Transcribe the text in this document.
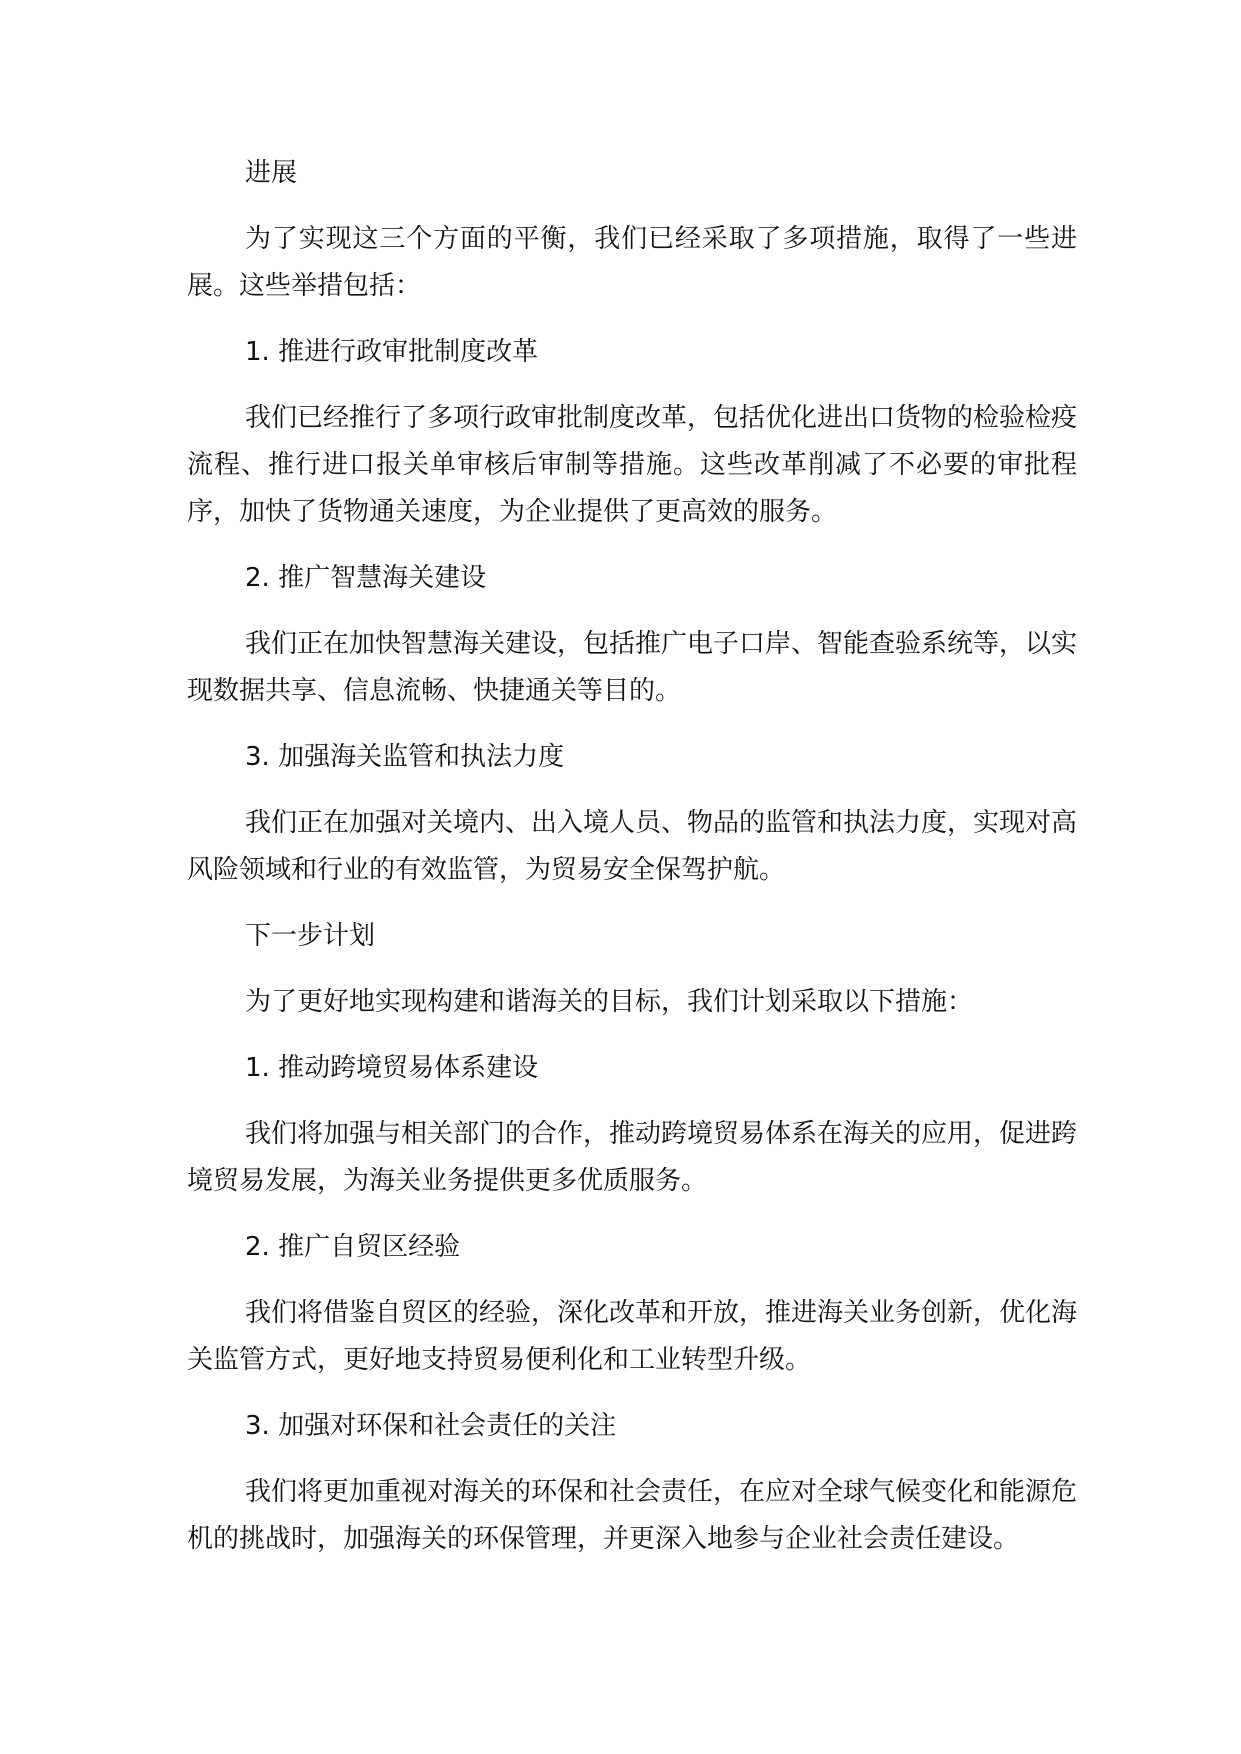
进展

为了实现这三个方面的平衡，我们已经采取了多项措施，取得了一些进展。这些举措包括：

1. 推进行政审批制度改革

我们已经推行了多项行政审批制度改革，包括优化进出口货物的检验检疫流程、推行进口报关单审核后审制等措施。这些改革削减了不必要的审批程序，加快了货物通关速度，为企业提供了更高效的服务。

2. 推广智慧海关建设

我们正在加快智慧海关建设，包括推广电子口岸、智能查验系统等，以实现数据共享、信息流畅、快捷通关等目的。

3. 加强海关监管和执法力度

我们正在加强对关境内、出入境人员、物品的监管和执法力度，实现对高风险领域和行业的有效监管，为贸易安全保驾护航。

下一步计划

为了更好地实现构建和谐海关的目标，我们计划采取以下措施：

1. 推动跨境贸易体系建设

我们将加强与相关部门的合作，推动跨境贸易体系在海关的应用，促进跨境贸易发展，为海关业务提供更多优质服务。

2. 推广自贸区经验

我们将借鉴自贸区的经验，深化改革和开放，推进海关业务创新，优化海关监管方式，更好地支持贸易便利化和工业转型升级。

3. 加强对环保和社会责任的关注

我们将更加重视对海关的环保和社会责任，在应对全球气候变化和能源危机的挑战时，加强海关的环保管理，并更深入地参与企业社会责任建设。
